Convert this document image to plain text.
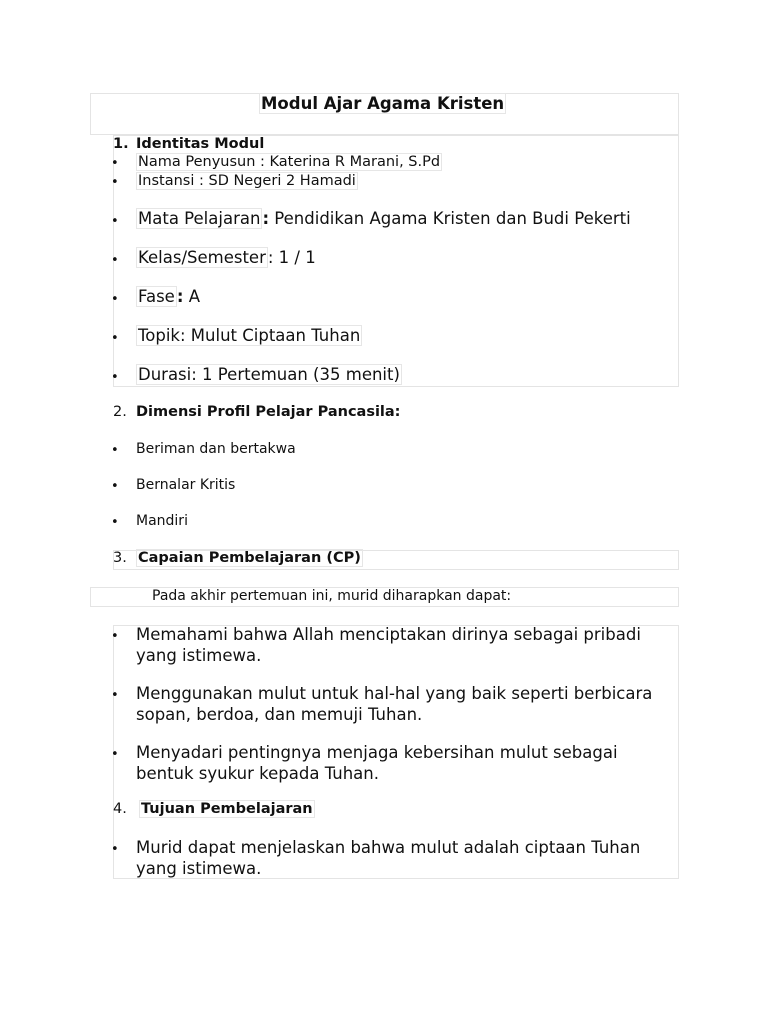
Modul Ajar Agama Kristen
1. Identitas Modul
• Nama Penyusun : Katerina R Marani, S.Pd
• Instansi : SD Negeri 2 Hamadi
• Mata Pelajaran : Pendidikan Agama Kristen dan Budi Pekerti
• Kelas/Semester : 1 / 1
• Fase : A
• Topik: Mulut Ciptaan Tuhan
• Durasi: 1 Pertemuan (35 menit)
2. Dimensi Profil Pelajar Pancasila:
• Beriman dan bertakwa
• Bernalar Kritis
• Mandiri
3. Capaian Pembelajaran (CP)
Pada akhir pertemuan ini, murid diharapkan dapat:
• Memahami bahwa Allah menciptakan dirinya sebagai pribadi yang istimewa.
• Menggunakan mulut untuk hal-hal yang baik seperti berbicara sopan, berdoa, dan memuji Tuhan.
• Menyadari pentingnya menjaga kebersihan mulut sebagai bentuk syukur kepada Tuhan.
4. Tujuan Pembelajaran
• Murid dapat menjelaskan bahwa mulut adalah ciptaan Tuhan yang istimewa.
